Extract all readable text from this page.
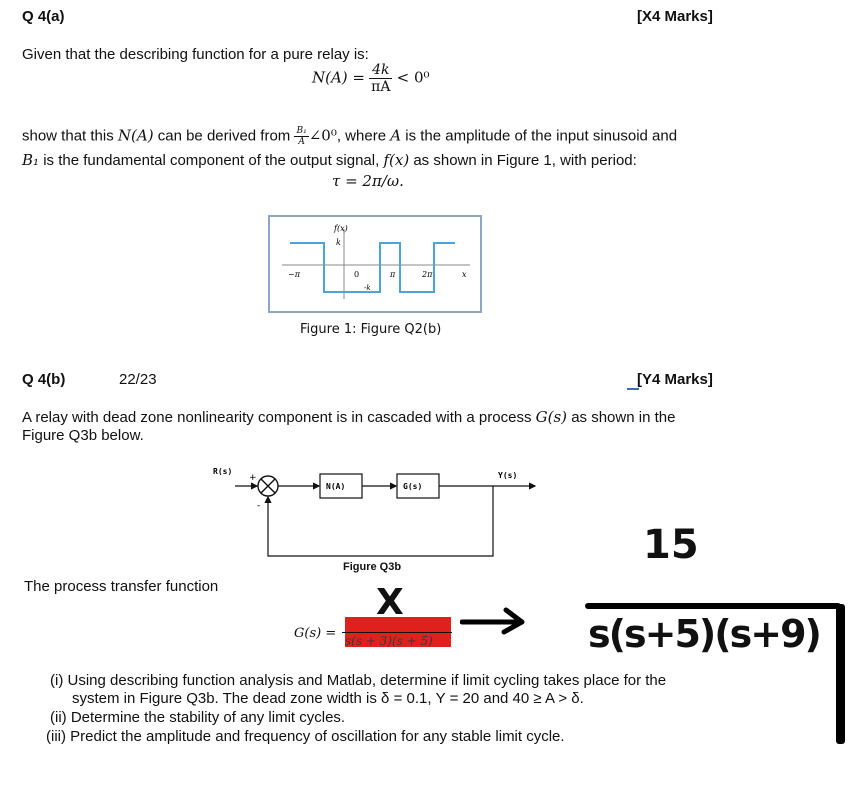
Q 4(a)	[X4 Marks]
Given that the describing function for a pure relay is:
$N(A) = \frac{4k}{\pi A} < 0^0$
show that this N(A) can be derived from $\frac{\text{B₁}}{A}$ ∠0⁰, where A is the amplitude of the input sinusoid and
B₁ is the fundamental component of the output signal, f(x) as shown in Figure 1, with period:
τ = 2π/ω.
f(x)
k
-k
−π	0	π	2π	x
Figure 1: Figure Q2(b)
Q 4(b)	22/23	[Y4 Marks]
A relay with dead zone nonlinearity component is in cascaded with a process G(s) as shown in the
Figure Q3b below.
R(s)
+
-
N(A)	G(s)
Y(s)
Figure Q3b
The process transfer function
G(s) = s(s + 3)(s + 5)
X
15
s(s+5)(s+9)
(i) Using describing function analysis and Matlab, determine if limit cycling takes place for the
system in Figure Q3b. The dead zone width is δ = 0.1, Y = 20 and 40 ≥ A > δ.
(ii) Determine the stability of any limit cycles.
(iii) Predict the amplitude and frequency of oscillation for any stable limit cycle.
